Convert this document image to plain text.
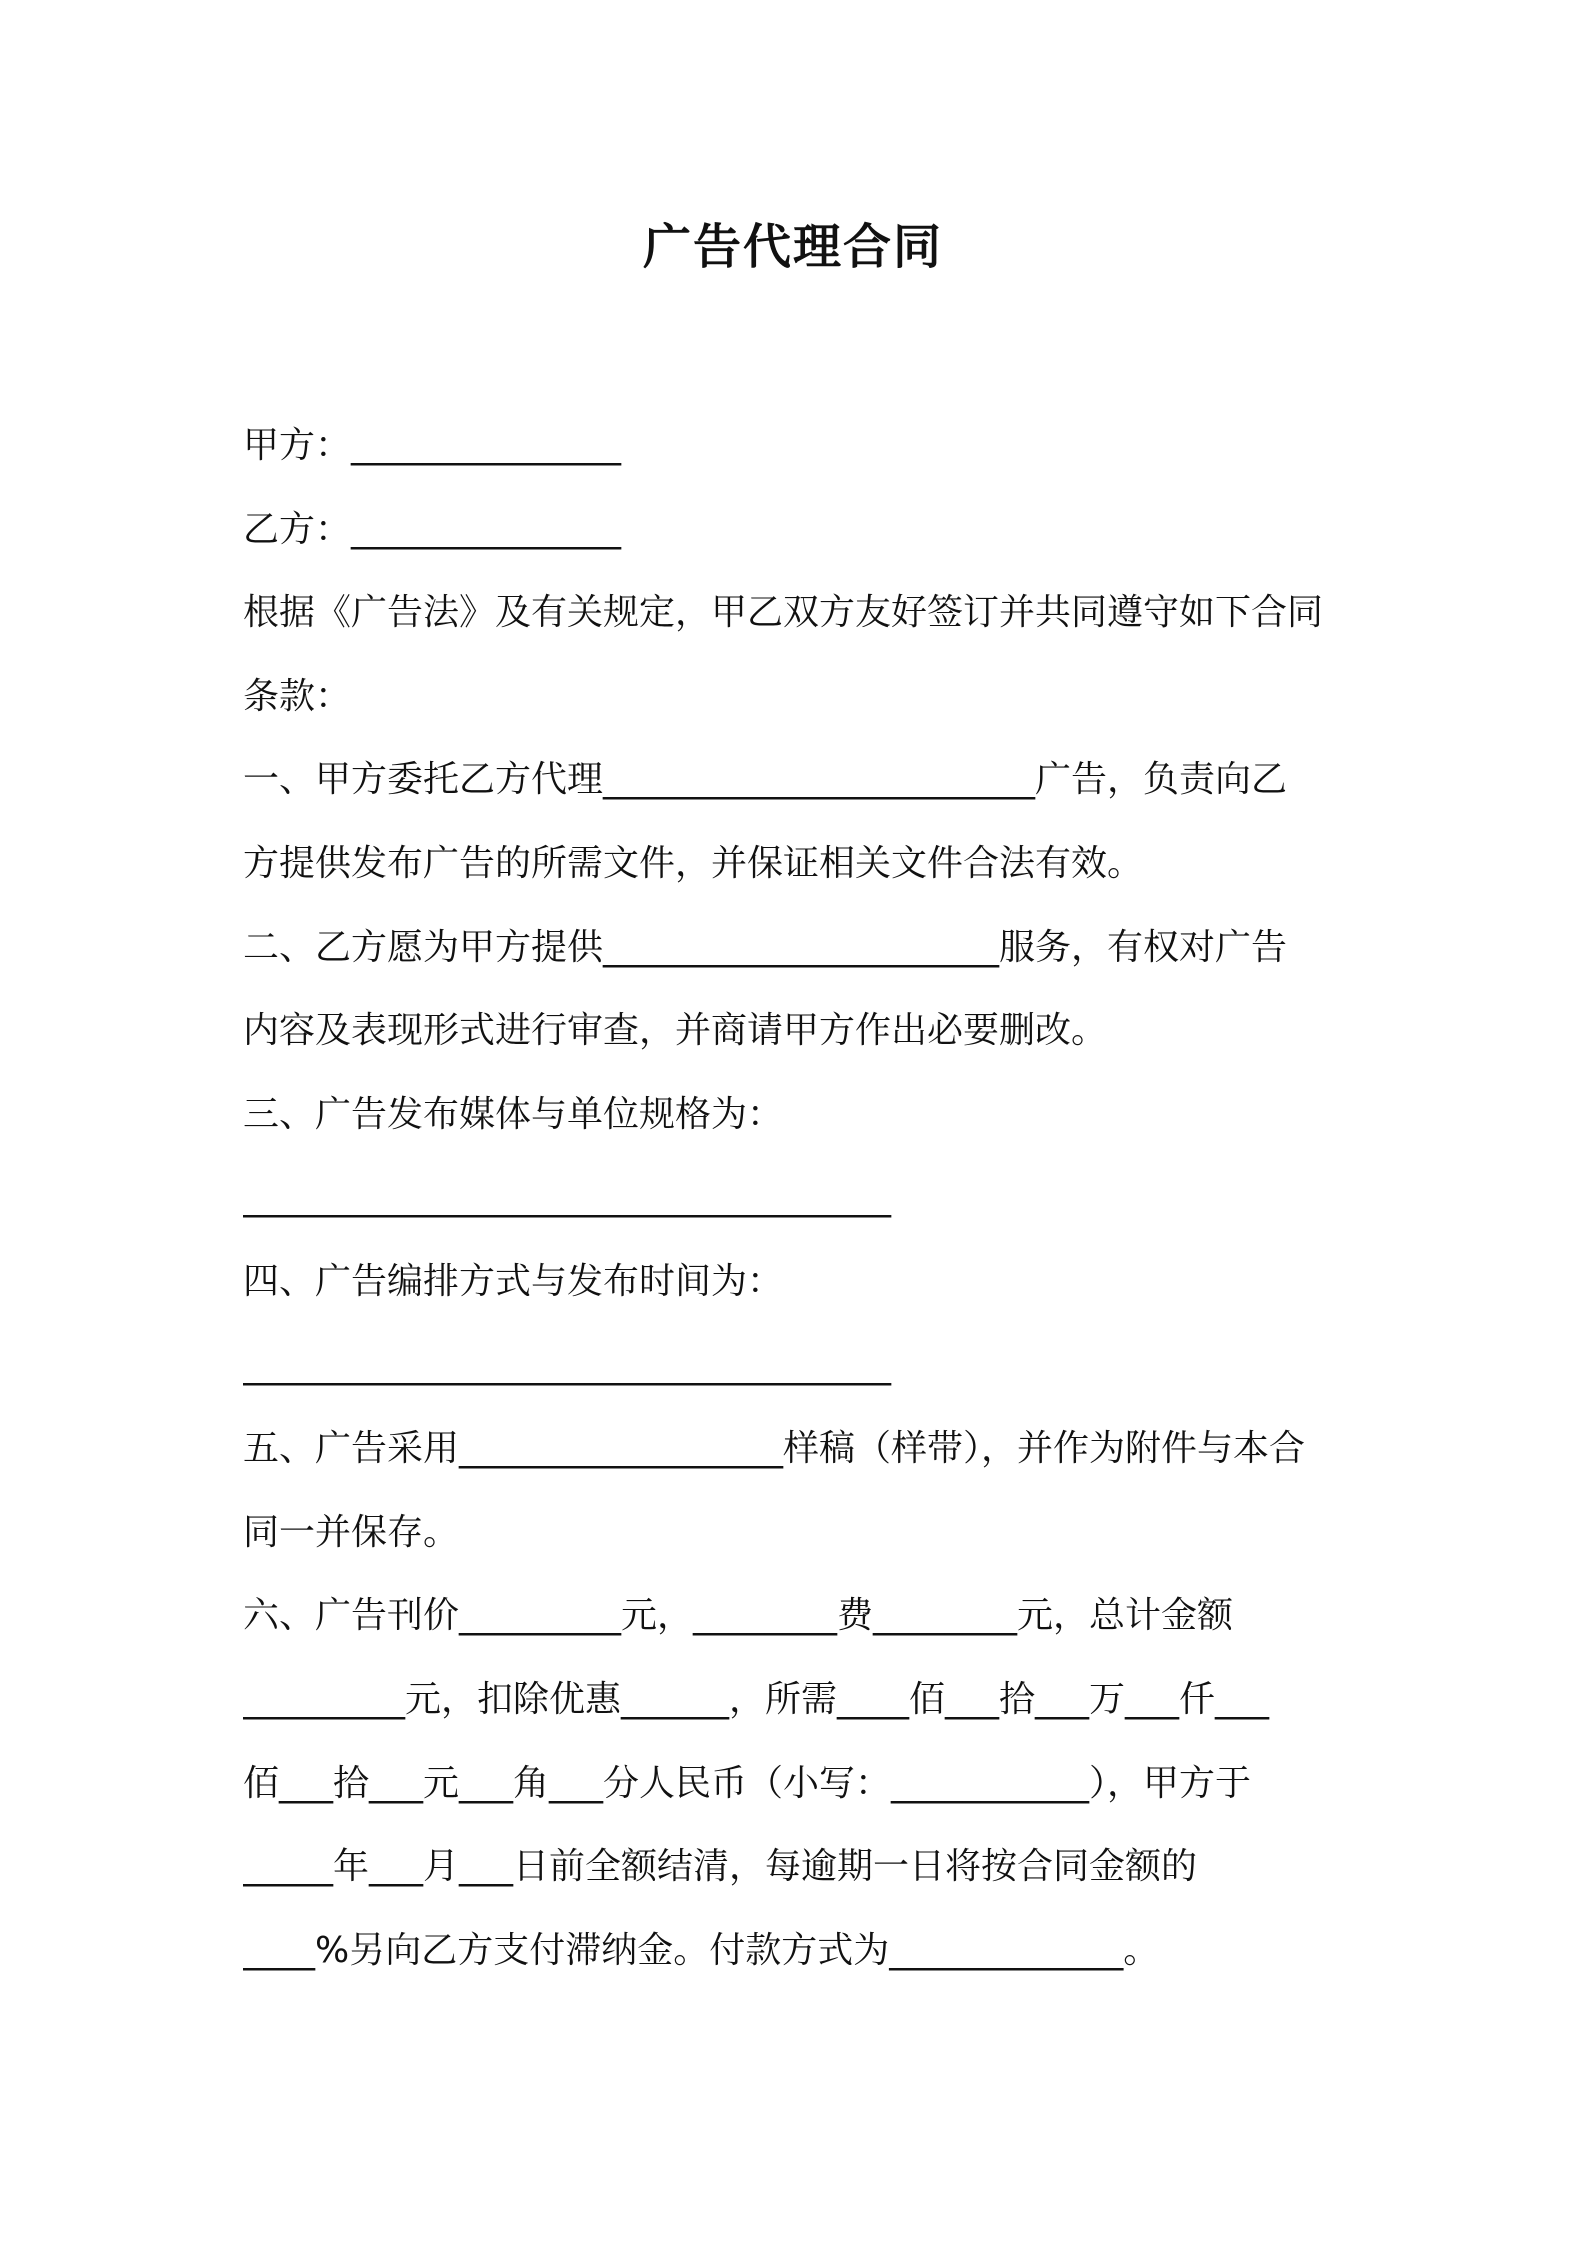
广告代理合同
甲方：_______________
乙方：_______________
根据《广告法》及有关规定，甲乙双方友好签订并共同遵守如下合同
条款：
一、甲方委托乙方代理________________________广告，负责向乙
方提供发布广告的所需文件，并保证相关文件合法有效。
二、乙方愿为甲方提供______________________服务，有权对广告
内容及表现形式进行审查，并商请甲方作出必要删改。
三、广告发布媒体与单位规格为：
____________________________________
四、广告编排方式与发布时间为：
____________________________________
五、广告采用__________________样稿（样带），并作为附件与本合
同一并保存。
六、广告刊价_________元，________费________元，总计金额
_________元，扣除优惠______，所需____佰___拾___万___仟___
佰___拾___元___角___分人民币（小写：___________），甲方于
_____年___月___日前全额结清，每逾期一日将按合同金额的
____%另向乙方支付滞纳金。付款方式为_____________。
